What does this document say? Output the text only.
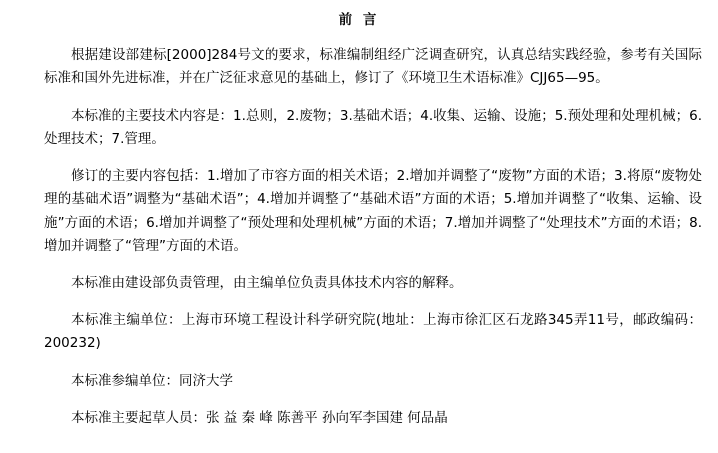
前 言

根据建设部建标[2000]284号文的要求，标准编制组经广泛调查研究，认真总结实践经验，参考有关国际标准和国外先进标准，并在广泛征求意见的基础上，修订了《环境卫生术语标准》CJJ65—95。

本标准的主要技术内容是：1.总则，2.废物；3.基础术语；4.收集、运输、设施；5.预处理和处理机械；6.处理技术；7.管理。

修订的主要内容包括：1.增加了市容方面的相关术语；2.增加并调整了“废物”方面的术语；3.将原“废物处理的基础术语”调整为“基础术语”；4.增加并调整了“基础术语”方面的术语；5.增加并调整了“收集、运输、设施”方面的术语；6.增加并调整了“预处理和处理机械”方面的术语；7.增加并调整了“处理技术”方面的术语；8.增加并调整了“管理”方面的术语。

本标准由建设部负责管理，由主编单位负责具体技术内容的解释。

本标准主编单位：上海市环境工程设计科学研究院(地址：上海市徐汇区石龙路345弄11号，邮政编码：200232)

本标准参编单位：同济大学

本标准主要起草人员：张 益 秦 峰 陈善平 孙向军李国建 何品晶
